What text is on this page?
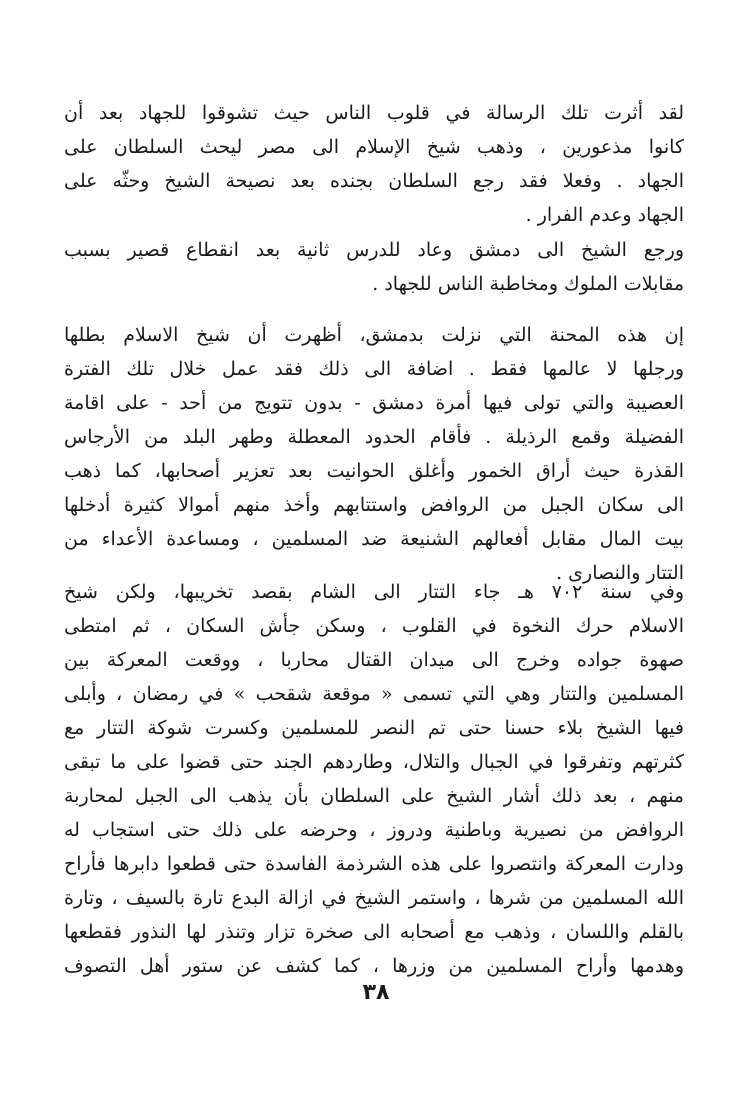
لقد أثرت تلك الرسالة في قلوب الناس حيث تشوقوا للجهاد بعد أن
كانوا مذعورين ، وذهب شيخ الإسلام الى مصر ليحث السلطان على
الجهاد . وفعلا فقد رجع السلطان بجنده بعد نصيحة الشيخ وحثّه على
الجهاد وعدم الفرار .
ورجع الشيخ الى دمشق وعاد للدرس ثانية بعد انقطاع قصير بسبب
مقابلات الملوك ومخاطبة الناس للجهاد .
إن هذه المحنة التي نزلت بدمشق، أظهرت أن شيخ الاسلام بطلها
ورجلها لا عالمها فقط . اضافة الى ذلك فقد عمل خلال تلك الفترة
العصيبة والتي تولى فيها أمرة دمشق - بدون تتويج من أحد - على اقامة
الفضيلة وقمع الرذيلة . فأقام الحدود المعطلة وطهر البلد من الأرجاس
القذرة حيث أراق الخمور وأغلق الحوانيت بعد تعزير أصحابها، كما ذهب
الى سكان الجبل من الروافض واستتابهم وأخذ منهم أموالا كثيرة أدخلها
بيت المال مقابل أفعالهم الشنيعة ضد المسلمين ، ومساعدة الأعداء من
التتار والنصارى .
وفي سنة ٧٠٢ هـ جاء التتار الى الشام بقصد تخريبها، ولكن شيخ
الاسلام حرك النخوة في القلوب ، وسكن جأش السكان ، ثم امتطى
صهوة جواده وخرج الى ميدان القتال محاربا ، ووقعت المعركة بين
المسلمين والتتار وهي التي تسمى « موقعة شقحب » في رمضان ، وأبلى
فيها الشيخ بلاء حسنا حتى تم النصر للمسلمين وكسرت شوكة التتار مع
كثرتهم وتفرقوا في الجبال والتلال، وطاردهم الجند حتى قضوا على ما تبقى
منهم ، بعد ذلك أشار الشيخ على السلطان بأن يذهب الى الجبل لمحاربة
الروافض من نصيرية وباطنية ودروز ، وحرضه على ذلك حتى استجاب له
ودارت المعركة وانتصروا على هذه الشرذمة الفاسدة حتى قطعوا دابرها فأراح
الله المسلمين من شرها ، واستمر الشيخ في ازالة البدع تارة بالسيف ، وتارة
بالقلم واللسان ، وذهب مع أصحابه الى صخرة تزار وتنذر لها النذور فقطعها
وهدمها وأراح المسلمين من وزرها ، كما كشف عن ستور أهل التصوف
٣٨
